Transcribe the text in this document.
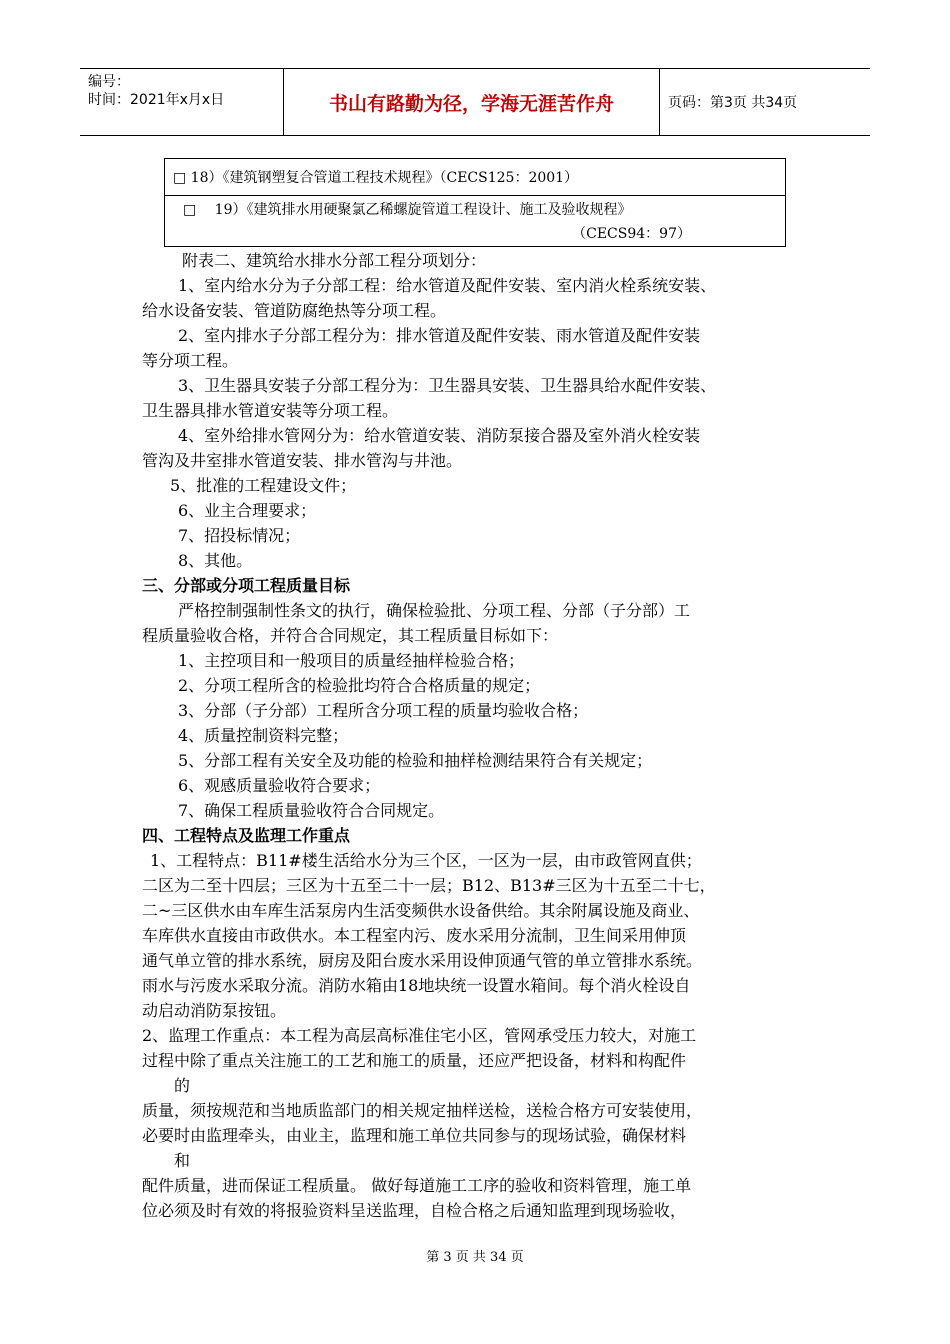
编号：
时间：2021年x月x日	书山有路勤为径，学海无涯苦作舟	页码：第3页 共34页
□ 18）《建筑钢塑复合管道工程技术规程》（CECS125：2001）

□　 19）《建筑排水用硬聚氯乙稀螺旋管道工程设计、施工及验收规程》
（CECS94：97）

附表二、建筑给水排水分部工程分项划分：

1、室内给水分为子分部工程：给水管道及配件安装、室内消火栓系统安装、

给水设备安装、管道防腐绝热等分项工程。

2、室内排水子分部工程分为：排水管道及配件安装、雨水管道及配件安装

等分项工程。

3、卫生器具安装子分部工程分为：卫生器具安装、卫生器具给水配件安装、

卫生器具排水管道安装等分项工程。

4、室外给排水管网分为：给水管道安装、消防泵接合器及室外消火栓安装

管沟及井室排水管道安装、排水管沟与井池。

5、批准的工程建设文件；

6、业主合理要求；

7、招投标情况；

8、其他。

三、分部或分项工程质量目标

严格控制强制性条文的执行，确保检验批、分项工程、分部（子分部）工

程质量验收合格，并符合合同规定，其工程质量目标如下：

1、主控项目和一般项目的质量经抽样检验合格；

2、分项工程所含的检验批均符合合格质量的规定；

3、分部（子分部）工程所含分项工程的质量均验收合格；

4、质量控制资料完整；

5、分部工程有关安全及功能的检验和抽样检测结果符合有关规定；

6、观感质量验收符合要求；

7、确保工程质量验收符合合同规定。

四、工程特点及监理工作重点

1、工程特点：B11#楼生活给水分为三个区，一区为一层，由市政管网直供；

二区为二至十四层；三区为十五至二十一层；B12、B13#三区为十五至二十七，

二~三区供水由车库生活泵房内生活变频供水设备供给。其余附属设施及商业、

车库供水直接由市政供水。本工程室内污、废水采用分流制，卫生间采用伸顶

通气单立管的排水系统，厨房及阳台废水采用设伸顶通气管的单立管排水系统。

雨水与污废水采取分流。消防水箱由18地块统一设置水箱间。每个消火栓设自

动启动消防泵按钮。

2、监理工作重点：本工程为高层高标准住宅小区，管网承受压力较大，对施工

过程中除了重点关注施工的工艺和施工的质量，还应严把设备，材料和构配件

的

质量，须按规范和当地质监部门的相关规定抽样送检，送检合格方可安装使用，

必要时由监理牵头，由业主，监理和施工单位共同参与的现场试验，确保材料

和

配件质量，进而保证工程质量。 做好每道施工工序的验收和资料管理，施工单

位必须及时有效的将报验资料呈送监理，自检合格之后通知监理到现场验收，

第 3 页 共 34 页
